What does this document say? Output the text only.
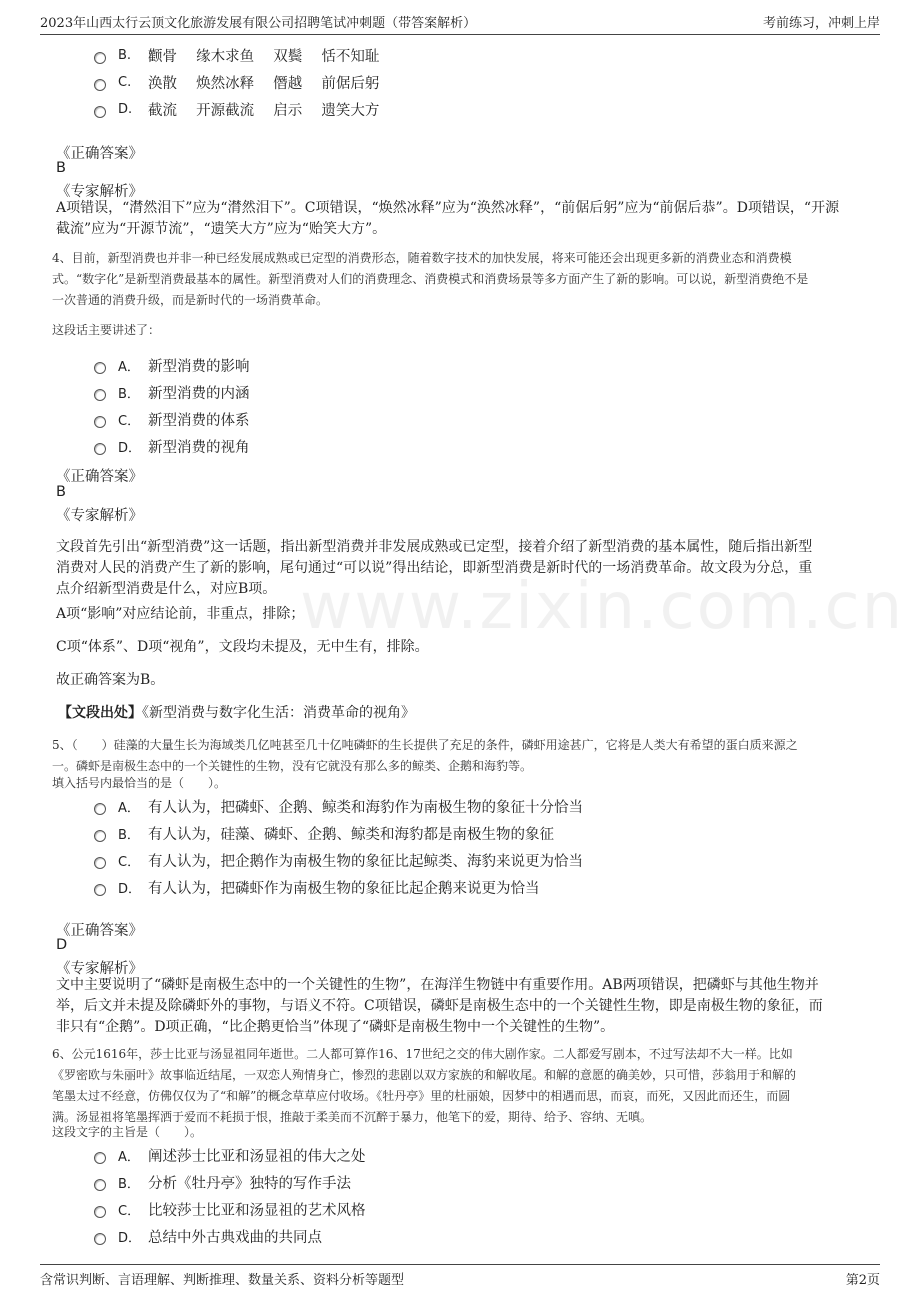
2023年山西太行云顶文化旅游发展有限公司招聘笔试冲刺题（带答案解析）	考前练习，冲刺上岸
www.zixin.com.cn
B.	颧骨　 缘木求鱼　 双鬓　 恬不知耻
C.	涣散　 焕然冰释　 僭越　 前倨后躬
D.	截流　 开源截流　 启示　 遗笑大方
《正确答案》
B
《专家解析》
A项错误，“潸然泪下”应为“潸然泪下”。C项错误，“焕然冰释”应为“涣然冰释”，“前倨后躬”应为“前倨后恭”。D项错误，“开源
截流”应为“开源节流”，“遗笑大方”应为“贻笑大方”。
4、目前，新型消费也并非一种已经发展成熟或已定型的消费形态，随着数字技术的加快发展，将来可能还会出现更多新的消费业态和消费模
式。“数字化”是新型消费最基本的属性。新型消费对人们的消费理念、消费模式和消费场景等多方面产生了新的影响。可以说，新型消费绝不是
一次普通的消费升级，而是新时代的一场消费革命。
这段话主要讲述了：
A． 新型消费的影响
B． 新型消费的内涵
C． 新型消费的体系
D． 新型消费的视角
《正确答案》
B
《专家解析》
文段首先引出“新型消费”这一话题，指出新型消费并非发展成熟或已定型，接着介绍了新型消费的基本属性，随后指出新型
消费对人民的消费产生了新的影响，尾句通过“可以说”得出结论，即新型消费是新时代的一场消费革命。故文段为分总，重
点介绍新型消费是什么，对应B项。
A项“影响”对应结论前，非重点，排除；
C项“体系”、D项“视角”，文段均未提及，无中生有，排除。
故正确答案为B。
【文段出处】《新型消费与数字化生活：消费革命的视角》
5、（　　）硅藻的大量生长为海域类几亿吨甚至几十亿吨磷虾的生长提供了充足的条件，磷虾用途甚广，它将是人类大有希望的蛋白质来源之
一。磷虾是南极生态中的一个关键性的生物，没有它就没有那么多的鲸类、企鹅和海豹等。
填入括号内最恰当的是（　　）。
A． 有人认为，把磷虾、企鹅、鲸类和海豹作为南极生物的象征十分恰当
B． 有人认为，硅藻、磷虾、企鹅、鲸类和海豹都是南极生物的象征
C． 有人认为，把企鹅作为南极生物的象征比起鲸类、海豹来说更为恰当
D． 有人认为，把磷虾作为南极生物的象征比起企鹅来说更为恰当
《正确答案》
D
《专家解析》
文中主要说明了“磷虾是南极生态中的一个关键性的生物”，在海洋生物链中有重要作用。AB两项错误，把磷虾与其他生物并
举，后文并未提及除磷虾外的事物，与语义不符。C项错误，磷虾是南极生态中的一个关键性生物，即是南极生物的象征，而
非只有“企鹅”。D项正确，“比企鹅更恰当”体现了“磷虾是南极生物中一个关键性的生物”。
6、公元1616年，莎士比亚与汤显祖同年逝世。二人都可算作16、17世纪之交的伟大剧作家。二人都爱写剧本，不过写法却不大一样。比如
《罗密欧与朱丽叶》故事临近结尾，一双恋人殉情身亡，惨烈的悲剧以双方家族的和解收尾。和解的意愿的确美妙，只可惜，莎翁用于和解的
笔墨太过不经意，仿佛仅仅为了“和解”的概念草草应付收场。《牡丹亭》里的杜丽娘，因梦中的相遇而思，而哀，而死，又因此而还生，而圆
满。汤显祖将笔墨挥洒于爱而不耗损于恨，推敲于柔美而不沉醉于暴力，他笔下的爱，期待、给予、容纳、无嗔。
这段文字的主旨是（　　）。
A． 阐述莎士比亚和汤显祖的伟大之处
B． 分析《牡丹亭》独特的写作手法
C． 比较莎士比亚和汤显祖的艺术风格
D． 总结中外古典戏曲的共同点
含常识判断、言语理解、判断推理、数量关系、资料分析等题型	第2页
